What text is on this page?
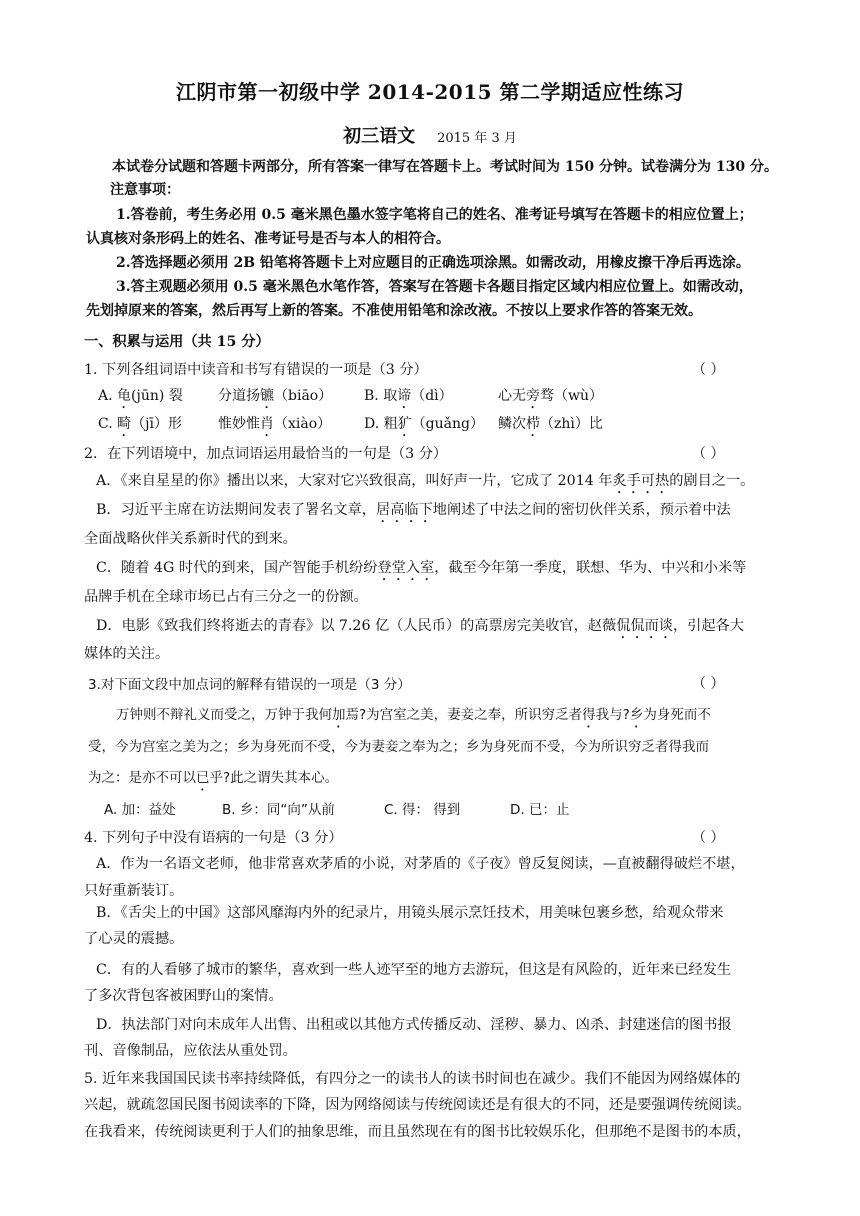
江阴市第一初级中学 2014-2015 第二学期适应性练习
初三语文 2015 年 3 月
本试卷分试题和答题卡两部分，所有答案一律写在答题卡上。考试时间为 150 分钟。试卷满分为 130 分。
注意事项：
1.答卷前，考生务必用 0.5 毫米黑色墨水签字笔将自己的姓名、准考证号填写在答题卡的相应位置上；
认真核对条形码上的姓名、准考证号是否与本人的相符合。
2.答选择题必须用 2B 铅笔将答题卡上对应题目的正确选项涂黑。如需改动，用橡皮擦干净后再选涂。
3.答主观题必须用 0.5 毫米黑色水笔作答，答案写在答题卡各题目指定区域内相应位置上。如需改动，
先划掉原来的答案，然后再写上新的答案。不准使用铅笔和涂改液。不按以上要求作答的答案无效。
一、积累与运用（共 15 分）
1. 下列各组词语中读音和书写有错误的一项是（3 分）	（ ）
A. 龟(jūn) 裂	分道扬镳（biāo） B. 取谛（dì）	心无旁骛（wù）
C. 畸（jī）形	惟妙惟肖（xiào） D. 粗犷（guǎng） 鳞次栉（zhì）比
2．在下列语境中，加点词语运用最恰当的一句是（3 分）	（ ）
A．《来自星星的你》播出以来，大家对它兴致很高，叫好声一片，它成了 2014 年炙手可热的剧目之一。
B．习近平主席在访法期间发表了署名文章，居高临下地阐述了中法之间的密切伙伴关系，预示着中法
全面战略伙伴关系新时代的到来。
C．随着 4G 时代的到来，国产智能手机纷纷登堂入室，截至今年第一季度，联想、华为、中兴和小米等
品牌手机在全球市场已占有三分之一的份额。
D．电影《致我们终将逝去的青春》以 7.26 亿（人民币）的高票房完美收官，赵薇侃侃而谈，引起各大
媒体的关注。
3.对下面文段中加点词的解释有错误的一项是（3 分）	（ ）
万钟则不辩礼义而受之，万钟于我何加焉?为宫室之美，妻妾之奉，所识穷乏者得我与?乡为身死而不
受，今为宫室之美为之；乡为身死而不受，今为妻妾之奉为之；乡为身死而不受，今为所识穷乏者得我而
为之：是亦不可以已乎?此之谓失其本心。
A. 加：益处	B. 乡：同“向”从前	C. 得： 得到	D. 已：止
4. 下列句子中没有语病的一句是（3 分）	（ ）
A．作为一名语文老师，他非常喜欢茅盾的小说，对茅盾的《子夜》曾反复阅读，—直被翻得破烂不堪，
只好重新装订。
B．《舌尖上的中国》这部风靡海内外的纪录片，用镜头展示烹饪技术，用美味包裹乡愁，给观众带来
了心灵的震撼。
C．有的人看够了城市的繁华，喜欢到一些人迹罕至的地方去游玩，但这是有风险的，近年来已经发生
了多次背包客被困野山的案情。
D．执法部门对向未成年人出售、出租或以其他方式传播反动、淫秽、暴力、凶杀、封建迷信的图书报
刊、音像制品，应依法从重处罚。
5. 近年来我国国民读书率持续降低，有四分之一的读书人的读书时间也在减少。我们不能因为网络媒体的
兴起，就疏忽国民图书阅读率的下降，因为网络阅读与传统阅读还是有很大的不同，还是要强调传统阅读。
在我看来，传统阅读更利于人们的抽象思维，而且虽然现在有的图书比较娱乐化，但那绝不是图书的本质，
